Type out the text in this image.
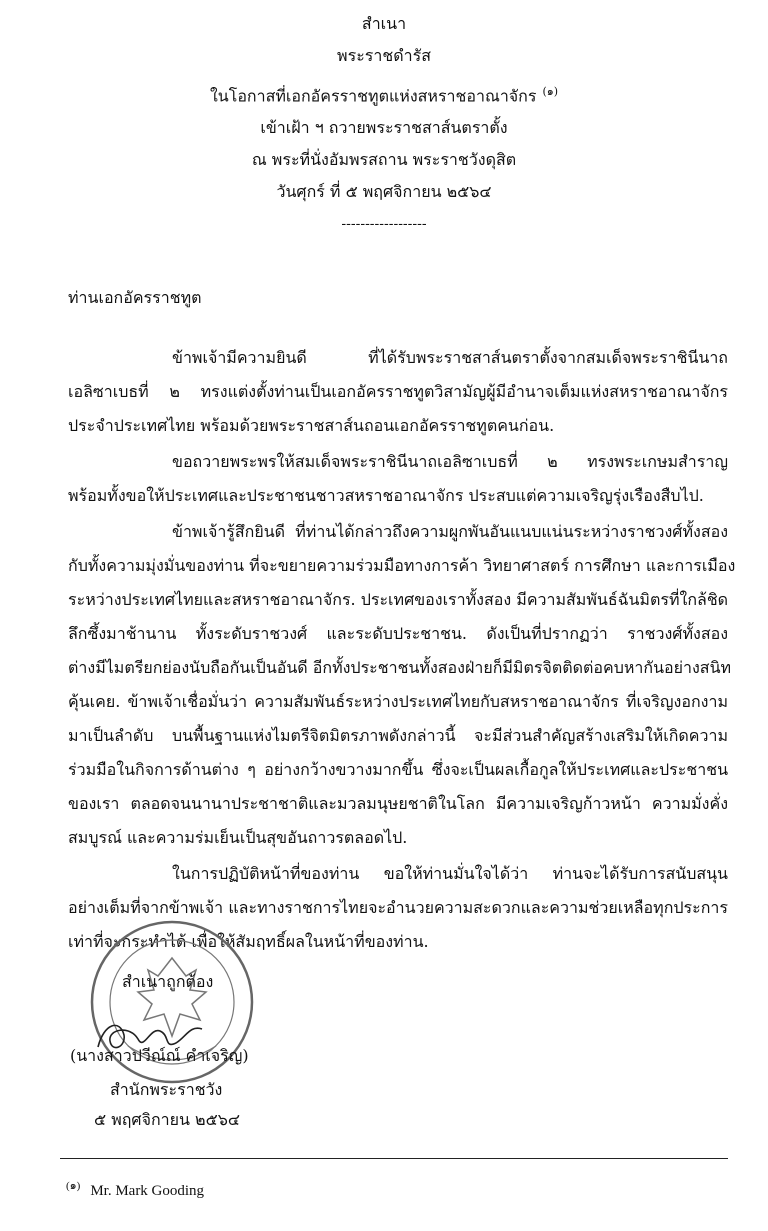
สำเนา
พระราชดำรัส
ในโอกาสที่เอกอัครราชทูตแห่งสหราชอาณาจักร $^{(๑)}$
เข้าเฝ้า ฯ ถวายพระราชสาส์นตราตั้ง
ณ พระที่นั่งอัมพรสถาน พระราชวังดุสิต
วันศุกร์ ที่ ๕ พฤศจิกายน ๒๕๖๔
------------------
ท่านเอกอัครราชทูต
ข้าพเจ้ามีความยินดี ที่ได้รับพระราชสาส์นตราตั้งจากสมเด็จพระราชินีนาถ
เอลิซาเบธที่ ๒ ทรงแต่งตั้งท่านเป็นเอกอัครราชทูตวิสามัญผู้มีอำนาจเต็มแห่งสหราชอาณาจักร
ประจำประเทศไทย พร้อมด้วยพระราชสาส์นถอนเอกอัครราชทูตคนก่อน.
ขอถวายพระพรให้สมเด็จพระราชินีนาถเอลิซาเบธที่ ๒ ทรงพระเกษมสำราญ
พร้อมทั้งขอให้ประเทศและประชาชนชาวสหราชอาณาจักร ประสบแต่ความเจริญรุ่งเรืองสืบไป.
ข้าพเจ้ารู้สึกยินดี ที่ท่านได้กล่าวถึงความผูกพันอันแนบแน่นระหว่างราชวงศ์ทั้งสอง
กับทั้งความมุ่งมั่นของท่าน ที่จะขยายความร่วมมือทางการค้า วิทยาศาสตร์ การศึกษา และการเมือง
ระหว่างประเทศไทยและสหราชอาณาจักร. ประเทศของเราทั้งสอง มีความสัมพันธ์ฉันมิตรที่ใกล้ชิด
ลึกซึ้งมาช้านาน ทั้งระดับราชวงศ์ และระดับประชาชน. ดังเป็นที่ปรากฏว่า ราชวงศ์ทั้งสอง
ต่างมีไมตรียกย่องนับถือกันเป็นอันดี อีกทั้งประชาชนทั้งสองฝ่ายก็มีมิตรจิตติดต่อคบหากันอย่างสนิท
คุ้นเคย. ข้าพเจ้าเชื่อมั่นว่า ความสัมพันธ์ระหว่างประเทศไทยกับสหราชอาณาจักร ที่เจริญงอกงาม
มาเป็นลำดับ บนพื้นฐานแห่งไมตรีจิตมิตรภาพดังกล่าวนี้ จะมีส่วนสำคัญสร้างเสริมให้เกิดความ
ร่วมมือในกิจการด้านต่าง ๆ อย่างกว้างขวางมากขึ้น ซึ่งจะเป็นผลเกื้อกูลให้ประเทศและประชาชน
ของเรา ตลอดจนนานาประชาชาติและมวลมนุษยชาติในโลก มีความเจริญก้าวหน้า ความมั่งคั่ง
สมบูรณ์ และความร่มเย็นเป็นสุขอันถาวรตลอดไป.
ในการปฏิบัติหน้าที่ของท่าน ขอให้ท่านมั่นใจได้ว่า ท่านจะได้รับการสนับสนุน
อย่างเต็มที่จากข้าพเจ้า และทางราชการไทยจะอำนวยความสะดวกและความช่วยเหลือทุกประการ
เท่าที่จะกระทำได้ เพื่อให้สัมฤทธิ์ผลในหน้าที่ของท่าน.
สำเนาถูกต้อง
(นางสาวปวีณ์ณ์ คำเจริญ)
สำนักพระราชวัง
๕ พฤศจิกายน ๒๕๖๔
$^{(๑)}$ Mr. Mark Gooding
